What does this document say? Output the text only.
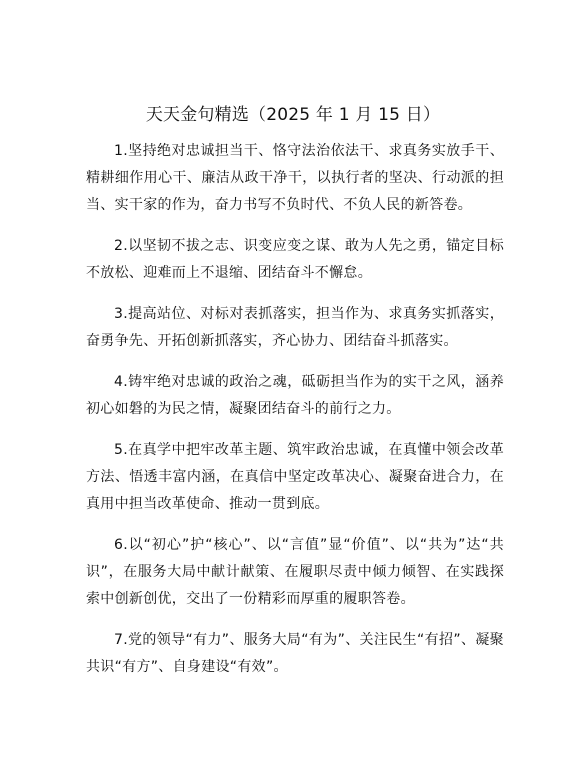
天天金句精选（2025 年 1 月 15 日）

1.坚持绝对忠诚担当干、恪守法治依法干、求真务实放手干、精耕细作用心干、廉洁从政干净干，以执行者的坚决、行动派的担当、实干家的作为，奋力书写不负时代、不负人民的新答卷。

2.以坚韧不拔之志、识变应变之谋、敢为人先之勇，锚定目标不放松、迎难而上不退缩、团结奋斗不懈怠。

3.提高站位、对标对表抓落实，担当作为、求真务实抓落实，奋勇争先、开拓创新抓落实，齐心协力、团结奋斗抓落实。

4.铸牢绝对忠诚的政治之魂，砥砺担当作为的实干之风，涵养初心如磐的为民之情，凝聚团结奋斗的前行之力。

5.在真学中把牢改革主题、筑牢政治忠诚，在真懂中领会改革方法、悟透丰富内涵，在真信中坚定改革决心、凝聚奋进合力，在真用中担当改革使命、推动一贯到底。

6.以“初心”护“核心”、以“言值”显“价值”、以“共为”达“共识”，在服务大局中献计献策、在履职尽责中倾力倾智、在实践探索中创新创优，交出了一份精彩而厚重的履职答卷。

7.党的领导“有力”、服务大局“有为”、关注民生“有招”、凝聚共识“有方”、自身建设“有效”。
